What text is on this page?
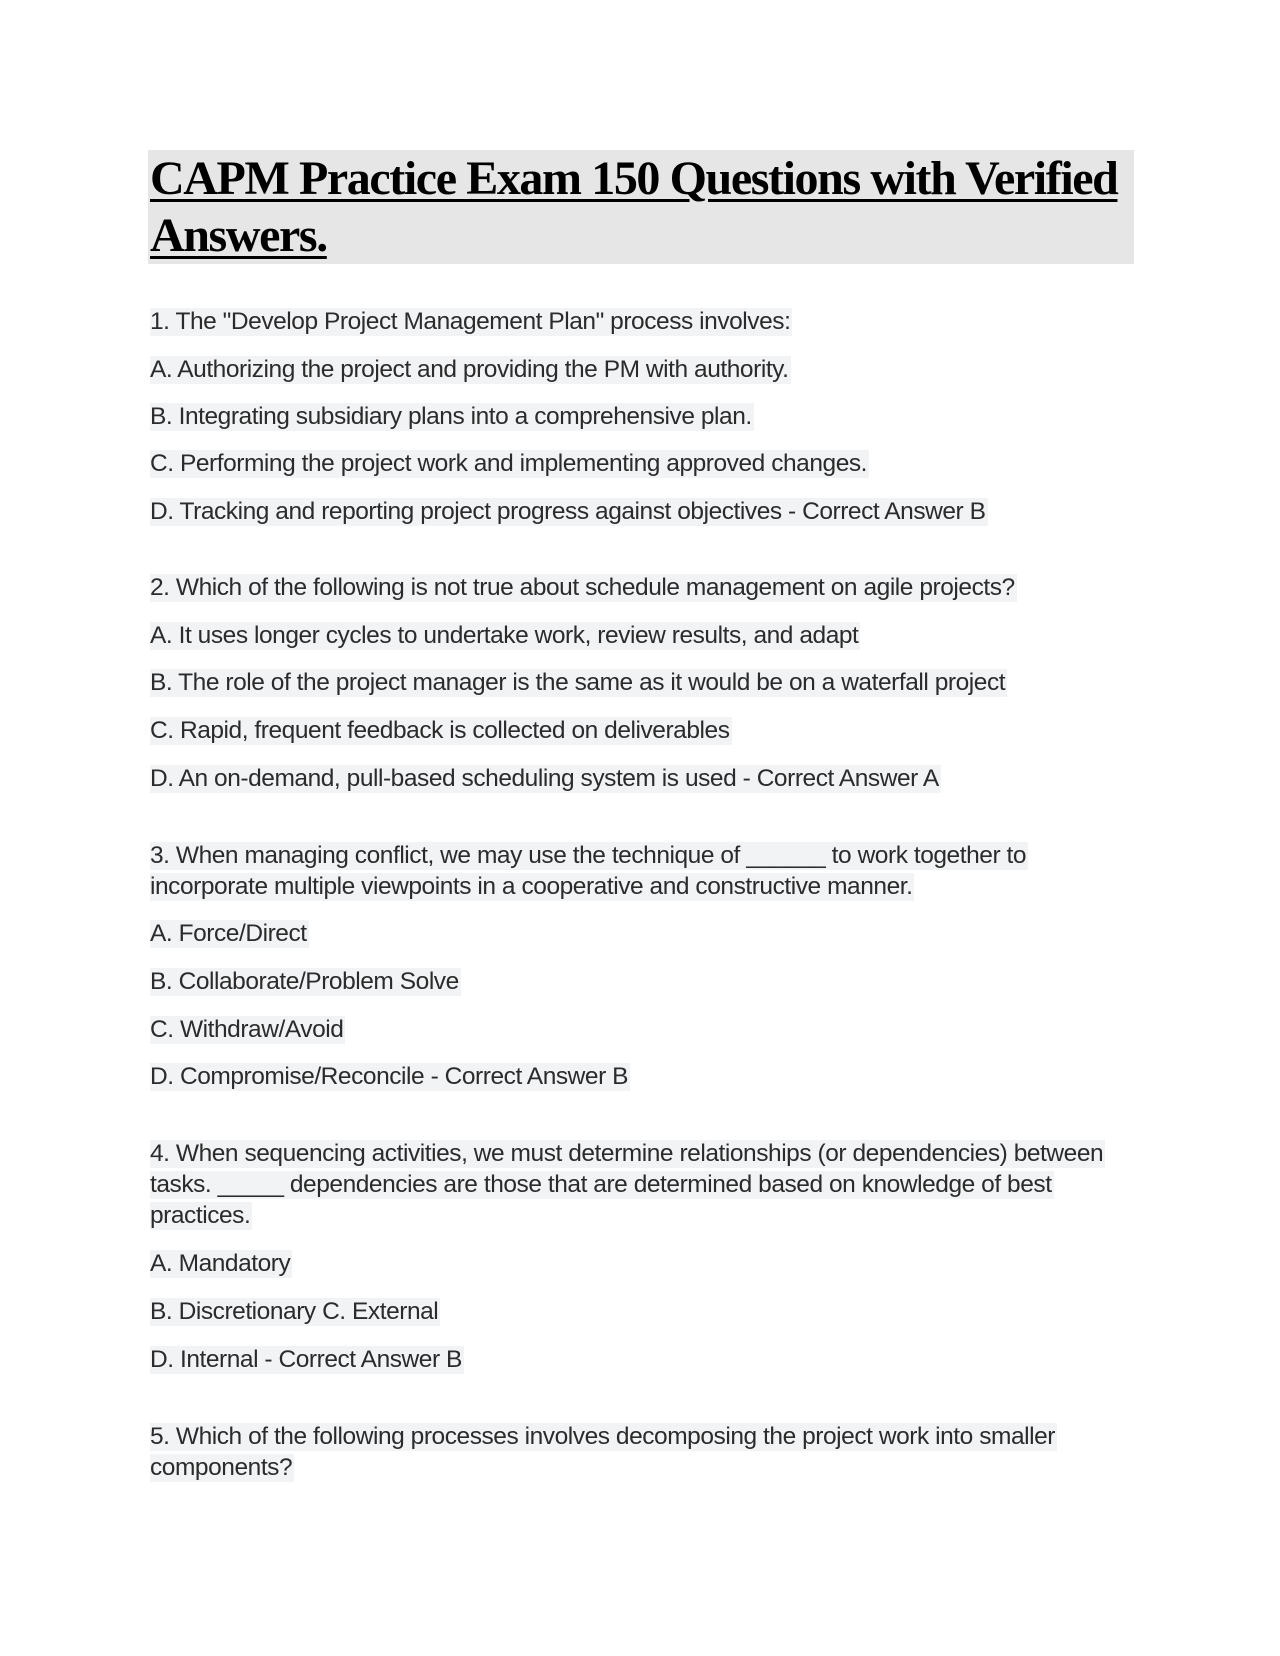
CAPM Practice Exam 150 Questions with Verified Answers.
1. The "Develop Project Management Plan" process involves:
A. Authorizing the project and providing the PM with authority.
B. Integrating subsidiary plans into a comprehensive plan.
C. Performing the project work and implementing approved changes.
D. Tracking and reporting project progress against objectives - Correct Answer B
2. Which of the following is not true about schedule management on agile projects?
A. It uses longer cycles to undertake work, review results, and adapt
B. The role of the project manager is the same as it would be on a waterfall project
C. Rapid, frequent feedback is collected on deliverables
D. An on-demand, pull-based scheduling system is used - Correct Answer A
3. When managing conflict, we may use the technique of ______ to work together to incorporate multiple viewpoints in a cooperative and constructive manner.
A. Force/Direct
B. Collaborate/Problem Solve
C. Withdraw/Avoid
D. Compromise/Reconcile - Correct Answer B
4. When sequencing activities, we must determine relationships (or dependencies) between tasks. _____ dependencies are those that are determined based on knowledge of best practices.
A. Mandatory
B. Discretionary C. External
D. Internal - Correct Answer B
5. Which of the following processes involves decomposing the project work into smaller components?
